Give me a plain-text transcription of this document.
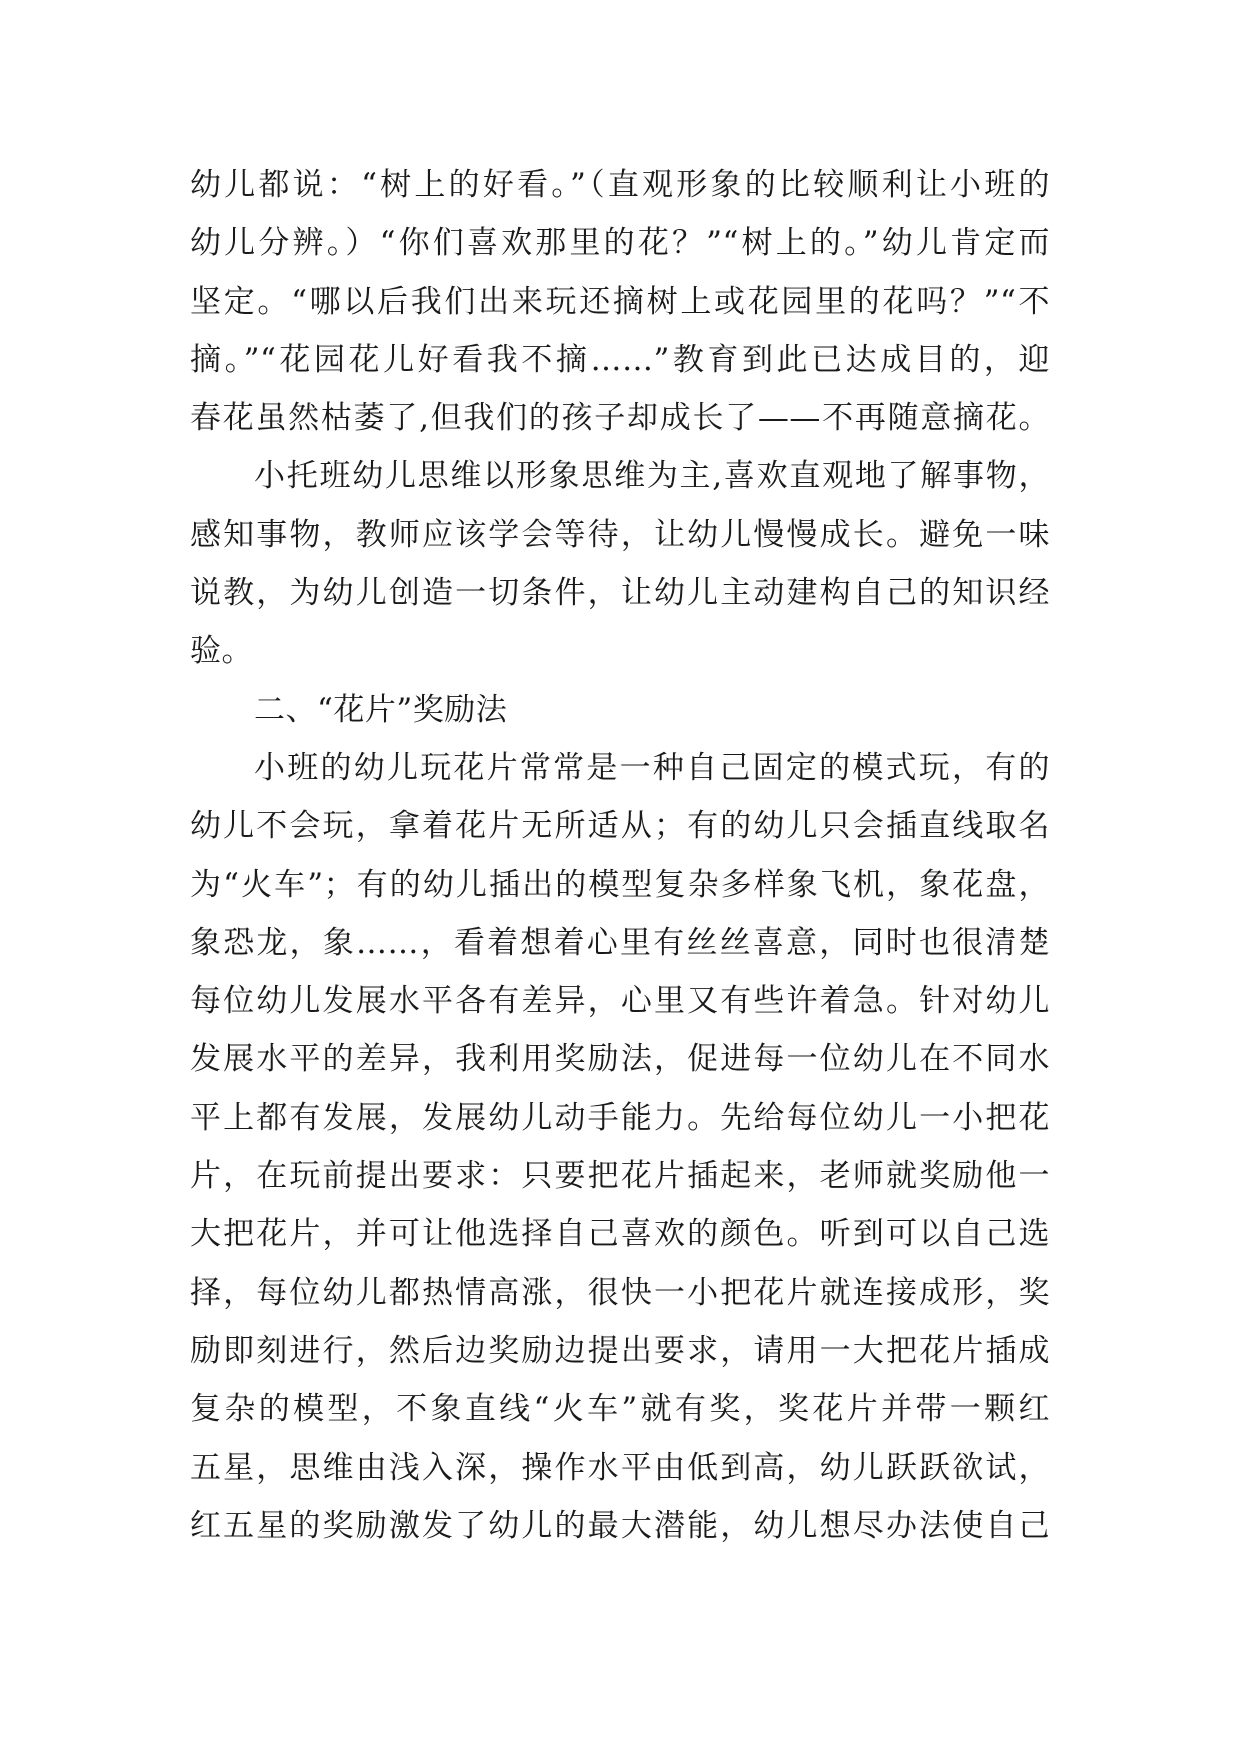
幼儿都说：“树上的好看。”（直观形象的比较顺利让小班的
幼儿分辨。）“你们喜欢那里的花？”“树上的。”幼儿肯定而
坚定。“哪以后我们出来玩还摘树上或花园里的花吗？”“不
摘。”“花园花儿好看我不摘……”教育到此已达成目的，迎
春花虽然枯萎了,但我们的孩子却成长了——不再随意摘花。
小托班幼儿思维以形象思维为主,喜欢直观地了解事物，
感知事物，教师应该学会等待，让幼儿慢慢成长。避免一味
说教，为幼儿创造一切条件，让幼儿主动建构自己的知识经
验。
二、“花片”奖励法
小班的幼儿玩花片常常是一种自己固定的模式玩，有的
幼儿不会玩，拿着花片无所适从；有的幼儿只会插直线取名
为“火车”；有的幼儿插出的模型复杂多样象飞机，象花盘，
象恐龙，象……，看着想着心里有丝丝喜意，同时也很清楚
每位幼儿发展水平各有差异，心里又有些许着急。针对幼儿
发展水平的差异，我利用奖励法，促进每一位幼儿在不同水
平上都有发展，发展幼儿动手能力。先给每位幼儿一小把花
片，在玩前提出要求：只要把花片插起来，老师就奖励他一
大把花片，并可让他选择自己喜欢的颜色。听到可以自己选
择，每位幼儿都热情高涨，很快一小把花片就连接成形，奖
励即刻进行，然后边奖励边提出要求，请用一大把花片插成
复杂的模型，不象直线“火车”就有奖，奖花片并带一颗红
五星，思维由浅入深，操作水平由低到高，幼儿跃跃欲试，
红五星的奖励激发了幼儿的最大潜能，幼儿想尽办法使自己
